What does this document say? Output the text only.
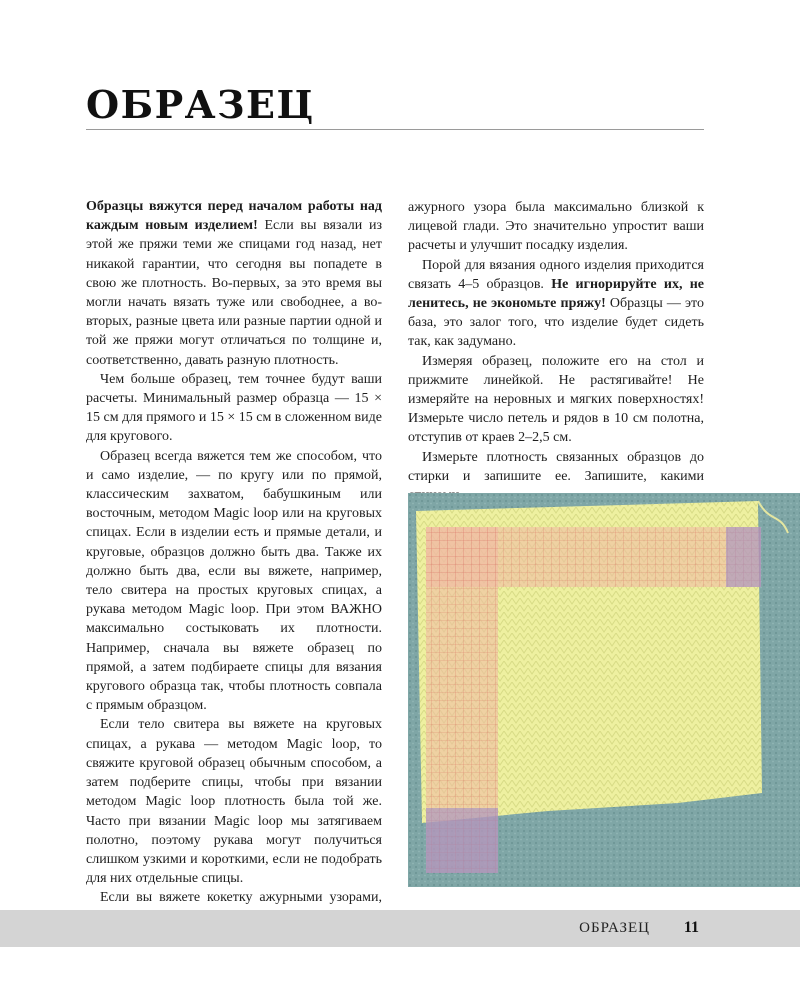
ОБРАЗЕЦ

Образцы вяжутся перед началом работы над каждым новым изделием! Если вы вязали из этой же пряжи теми же спицами год назад, нет никакой гарантии, что сегодня вы попадете в свою же плотность. Во-первых, за это время вы могли начать вязать туже или свободнее, а во-вторых, разные цвета или разные партии одной и той же пряжи могут отличаться по толщине и, соответственно, давать разную плотность.

Чем больше образец, тем точнее будут ваши расчеты. Минимальный размер образца — 15 × 15 см для прямого и 15 × 15 см в сложенном виде для кругового.

Образец всегда вяжется тем же способом, что и само изделие, — по кругу или по прямой, классическим захватом, бабушкиным или восточным, методом Magic loop или на круговых спицах. Если в изделии есть и прямые детали, и круговые, образцов должно быть два. Также их должно быть два, если вы вяжете, например, тело свитера на простых круговых спицах, а рукава методом Magic loop. При этом ВАЖНО максимально состыковать их плотности. Например, сначала вы вяжете образец по прямой, а затем подбираете спицы для вязания кругового образца так, чтобы плотность совпала с прямым образцом.

Если тело свитера вы вяжете на круговых спицах, а рукава — методом Magic loop, то свяжите круговой образец обычным способом, а затем подберите спицы, чтобы при вязании методом Magic loop плотность была той же. Часто при вязании Magic loop мы затягиваем полотно, поэтому рукава могут получиться слишком узкими и короткими, если не подобрать для них отдельные спицы.

Если вы вяжете кокетку ажурными узорами,

ажурного узора была максимально близкой к лицевой глади. Это значительно упростит ваши расчеты и улучшит посадку изделия.

Порой для вязания одного изделия приходится связать 4–5 образцов. Не игнорируйте их, не ленитесь, не экономьте пряжу! Образцы — это база, это залог того, что изделие будет сидеть так, как задумано.

Измеряя образец, положите его на стол и прижмите линейкой. Не растягивайте! Не измеряйте на неровных и мягких поверхностях! Измерьте число петель и рядов в 10 см полотна, отступив от краев 2–2,5 см.

Измерьте плотность связанных образцов до стирки и запишите ее. Запишите, какими

ОБРАЗЕЦ 11
